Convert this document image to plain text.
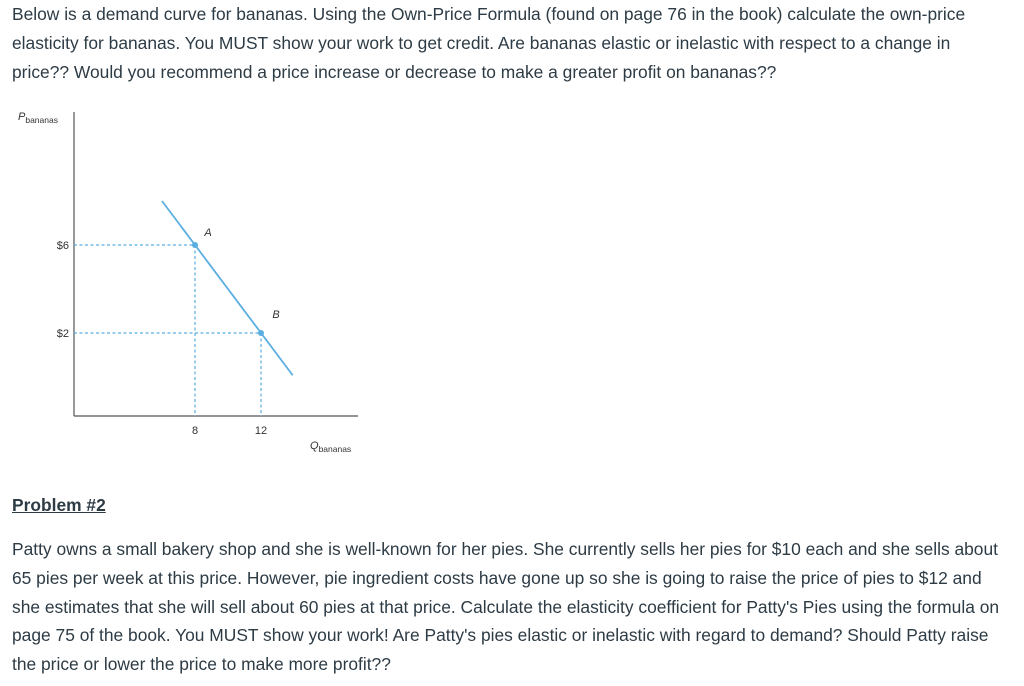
Below is a demand curve for bananas. Using the Own-Price Formula (found on page 76 in the book) calculate the own-price elasticity for bananas. You MUST show your work to get credit. Are bananas elastic or inelastic with respect to a change in price?? Would you recommend a price increase or decrease to make a greater profit on bananas??

$6
$2
8	12
A
B
$P_{bananas}$
$Q_{bananas}$

Problem #2

Patty owns a small bakery shop and she is well-known for her pies. She currently sells her pies for $10 each and she sells about 65 pies per week at this price. However, pie ingredient costs have gone up so she is going to raise the price of pies to $12 and she estimates that she will sell about 60 pies at that price. Calculate the elasticity coefficient for Patty's Pies using the formula on page 75 of the book. You MUST show your work! Are Patty's pies elastic or inelastic with regard to demand? Should Patty raise the price or lower the price to make more profit??
